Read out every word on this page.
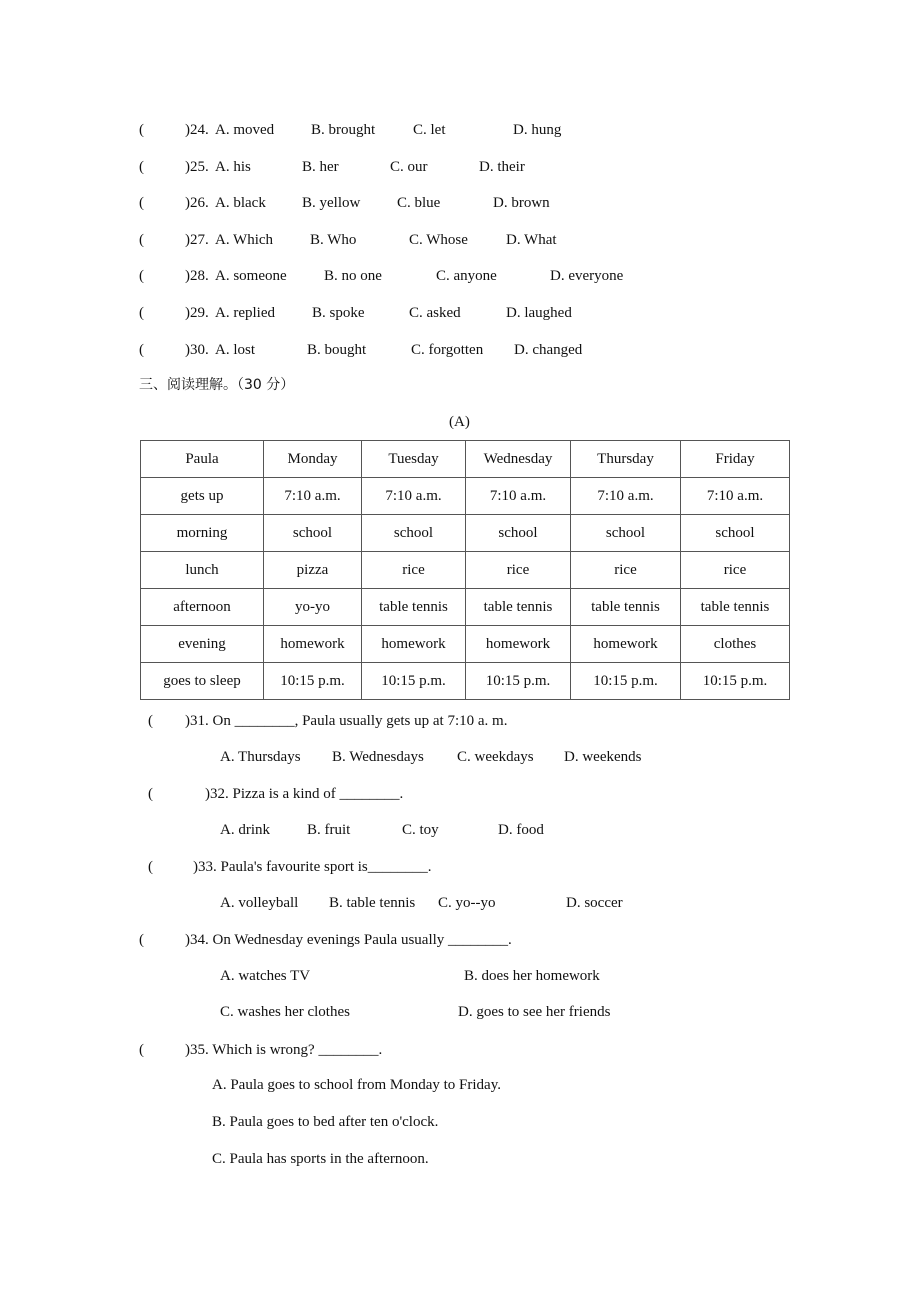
三、阅读理解。（30 分）
(A)
Paula	Monday	Tuesday	Wednesday	Thursday	Friday
gets up	7:10 a.m.	7:10 a.m.	7:10 a.m.	7:10 a.m.	7:10 a.m.
morning	school	school	school	school	school
lunch	pizza	rice	rice	rice	rice
afternoon	yo-yo	table tennis	table tennis	table tennis	table tennis
evening	homework	homework	homework	homework	clothes
goes to sleep	10:15 p.m.	10:15 p.m.	10:15 p.m.	10:15 p.m.	10:15 p.m.
(	)24. A. moved B. brought	C. let	D. hung
(	)25. A. his	B. her	C. our	D. their
(	)26. A. black B. yellow C. blue	D. brown
(	)27. A. Which B. Who	C. Whose	D. What
(	)28. A. someone B. no one	C. anyone	D. everyone
(	)29. A. replied B. spoke	C. asked	D. laughed
(	)30. A. lost	B. bought	C. forgotten D. changed
( )31. On ________, Paula usually gets up at 7:10 a. m.
A. Thursdays B. Wednesdays C. weekdays D. weekends
(	)32. Pizza is a kind of ________.
A. drink B. fruit	C. toy	D. food
(	)33. Paula's favourite sport is________.
A. volleyball B. table tennis C. yo--yo	D. soccer
(	)34. On Wednesday evenings Paula usually ________.
A. watches TV	B. does her homework
C. washes her clothes	D. goes to see her friends
(	)35. Which is wrong? ________.
A. Paula goes to school from Monday to Friday.
B. Paula goes to bed after ten o'clock.
C. Paula has sports in the afternoon.
